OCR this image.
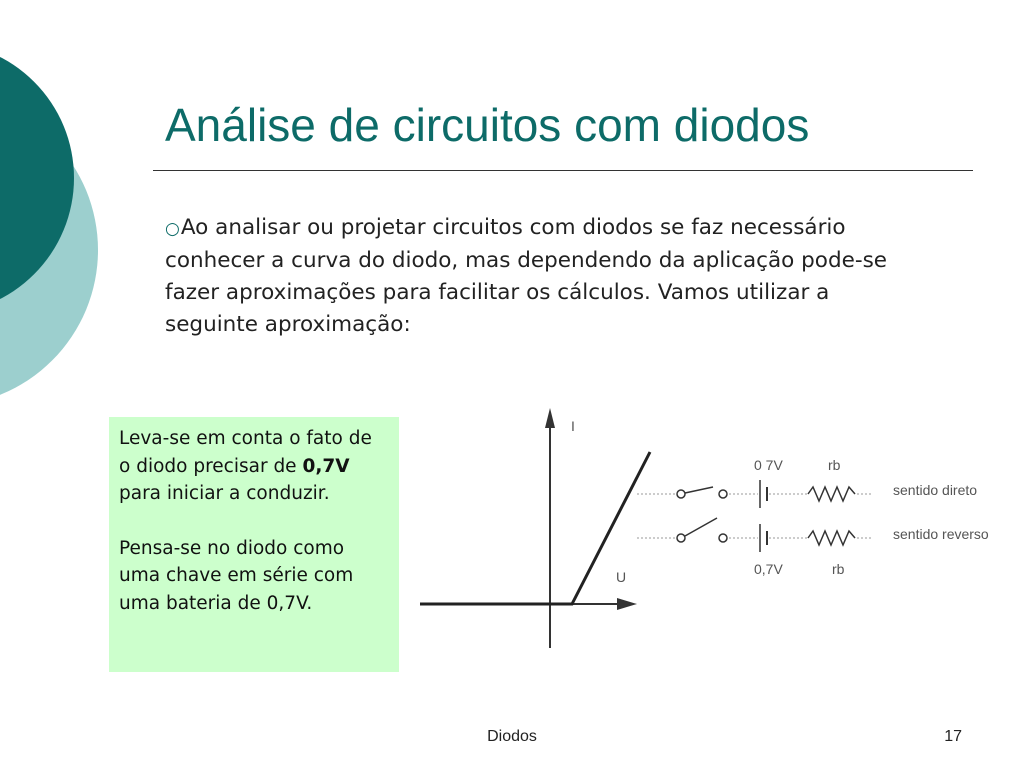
Análise de circuitos com diodos
○Ao analisar ou projetar circuitos com diodos se faz necessário conhecer a curva do diodo, mas dependendo da aplicação pode-se fazer aproximações para facilitar os cálculos. Vamos utilizar a seguinte aproximação:

Leva-se em conta o fato de o diodo precisar de 0,7V para iniciar a conduzir.

Pensa-se no diodo como uma chave em série com uma bateria de 0,7V.

I
U
0 7V	rb
sentido direto
0,7V	rb
sentido reverso
Diodos	17
